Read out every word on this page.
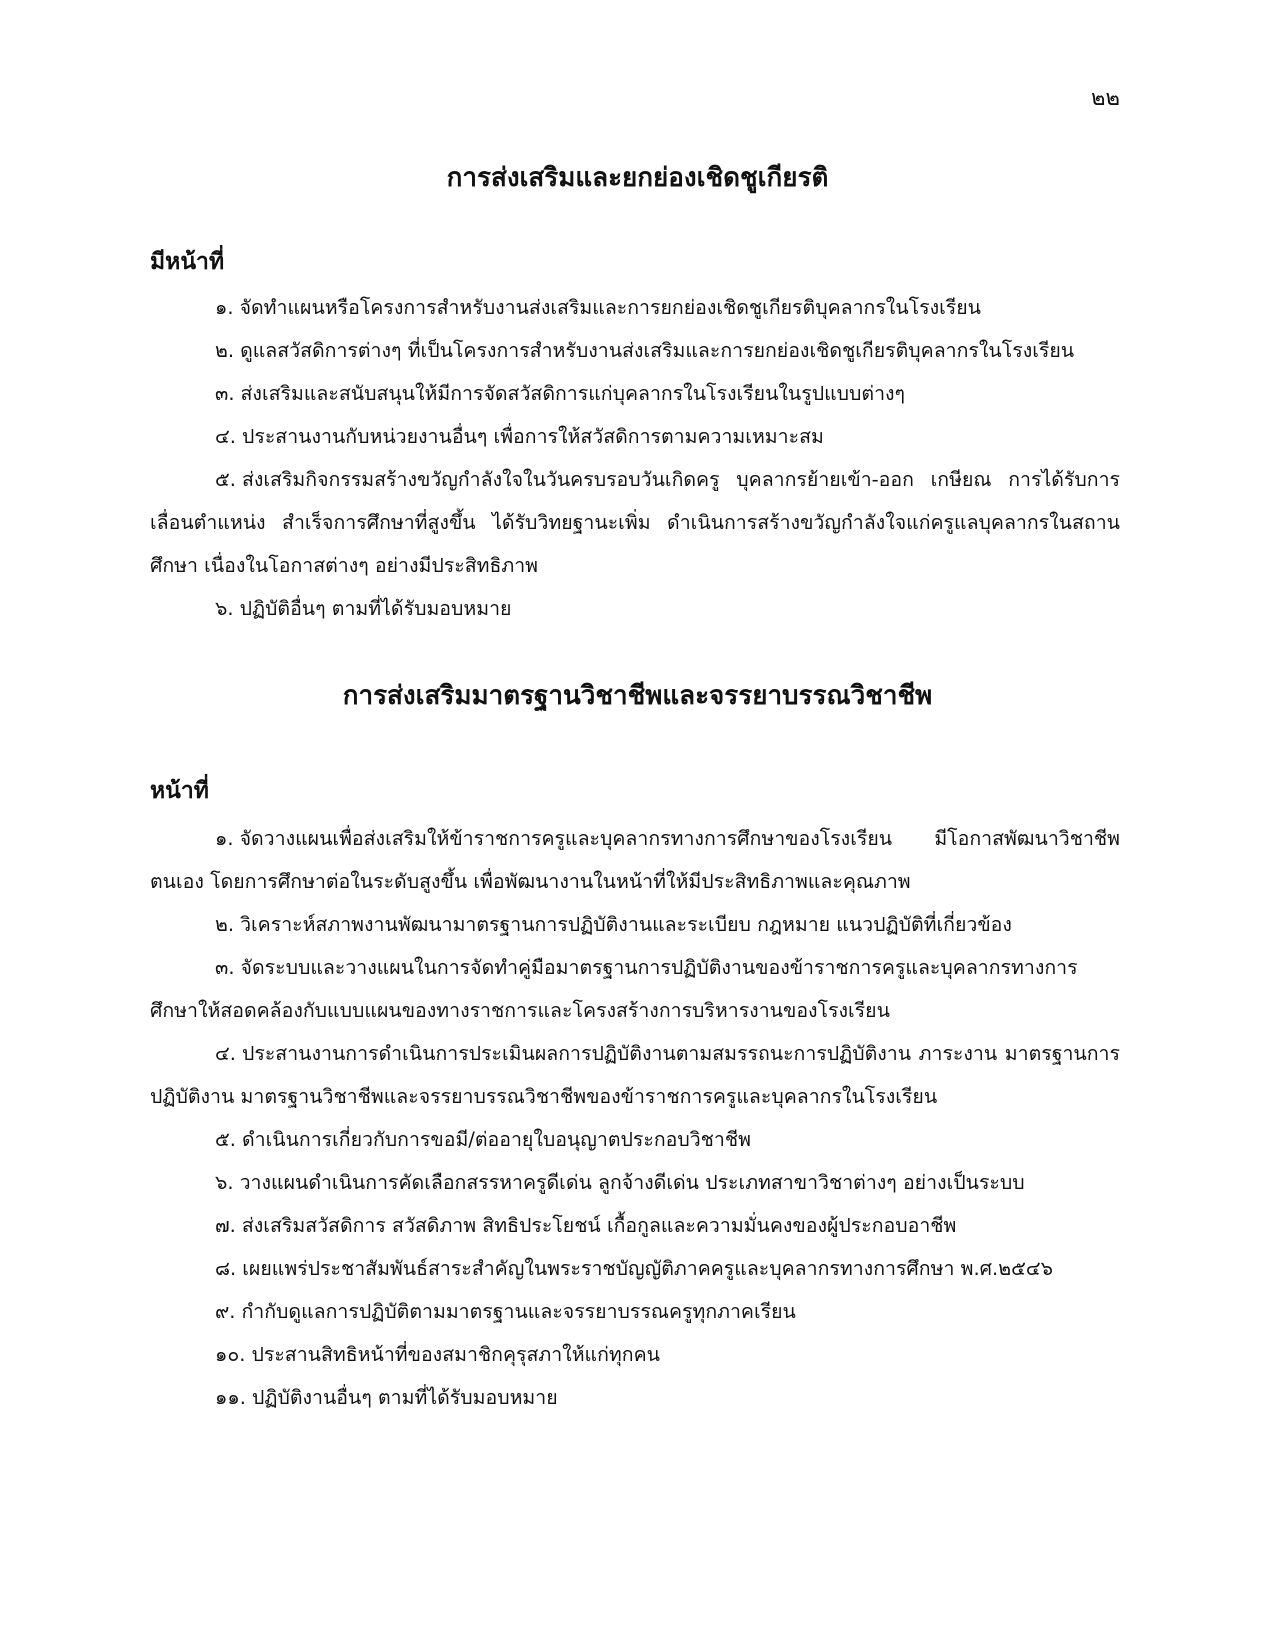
๒๒
การส่งเสริมและยกย่องเชิดชูเกียรติ
มีหน้าที่
๑. จัดทำแผนหรือโครงการสำหรับงานส่งเสริมและการยกย่องเชิดชูเกียรติบุคลากรในโรงเรียน
๒. ดูแลสวัสดิการต่างๆ ที่เป็นโครงการสำหรับงานส่งเสริมและการยกย่องเชิดชูเกียรติบุคลากรในโรงเรียน
๓. ส่งเสริมและสนับสนุนให้มีการจัดสวัสดิการแก่บุคลากรในโรงเรียนในรูปแบบต่างๆ
๔. ประสานงานกับหน่วยงานอื่นๆ เพื่อการให้สวัสดิการตามความเหมาะสม
๕. ส่งเสริมกิจกรรมสร้างขวัญกำลังใจในวันครบรอบวันเกิดครู บุคลากรย้ายเข้า-ออก เกษียณ การได้รับการเลื่อนตำแหน่ง สำเร็จการศึกษาที่สูงขึ้น ได้รับวิทยฐานะเพิ่ม ดำเนินการสร้างขวัญกำลังใจแก่ครูแลบุคลากรในสถานศึกษา เนื่องในโอกาสต่างๆ อย่างมีประสิทธิภาพ
๖. ปฏิบัติอื่นๆ ตามที่ได้รับมอบหมาย
การส่งเสริมมาตรฐานวิชาชีพและจรรยาบรรณวิชาชีพ
หน้าที่
๑. จัดวางแผนเพื่อส่งเสริมให้ข้าราชการครูและบุคลากรทางการศึกษาของโรงเรียน มีโอกาสพัฒนาวิชาชีพตนเอง โดยการศึกษาต่อในระดับสูงขึ้น เพื่อพัฒนางานในหน้าที่ให้มีประสิทธิภาพและคุณภาพ
๒. วิเคราะห์สภาพงานพัฒนามาตรฐานการปฏิบัติงานและระเบียบ กฎหมาย แนวปฏิบัติที่เกี่ยวข้อง
๓. จัดระบบและวางแผนในการจัดทำคู่มือมาตรฐานการปฏิบัติงานของข้าราชการครูและบุคลากรทางการศึกษาให้สอดคล้องกับแบบแผนของทางราชการและโครงสร้างการบริหารงานของโรงเรียน
๔. ประสานงานการดำเนินการประเมินผลการปฏิบัติงานตามสมรรถนะการปฏิบัติงาน ภาระงาน มาตรฐานการปฏิบัติงาน มาตรฐานวิชาชีพและจรรยาบรรณวิชาชีพของข้าราชการครูและบุคลากรในโรงเรียน
๕. ดำเนินการเกี่ยวกับการขอมี/ต่ออายุใบอนุญาตประกอบวิชาชีพ
๖. วางแผนดำเนินการคัดเลือกสรรหาครูดีเด่น ลูกจ้างดีเด่น ประเภทสาขาวิชาต่างๆ อย่างเป็นระบบ
๗. ส่งเสริมสวัสดิการ สวัสดิภาพ สิทธิประโยชน์ เกื้อกูลและความมั่นคงของผู้ประกอบอาชีพ
๘. เผยแพร่ประชาสัมพันธ์สาระสำคัญในพระราชบัญญัติภาคครูและบุคลากรทางการศึกษา พ.ศ.๒๕๔๖
๙. กำกับดูแลการปฏิบัติตามมาตรฐานและจรรยาบรรณครูทุกภาคเรียน
๑๐. ประสานสิทธิหน้าที่ของสมาชิกคุรุสภาให้แก่ทุกคน
๑๑. ปฏิบัติงานอื่นๆ ตามที่ได้รับมอบหมาย
